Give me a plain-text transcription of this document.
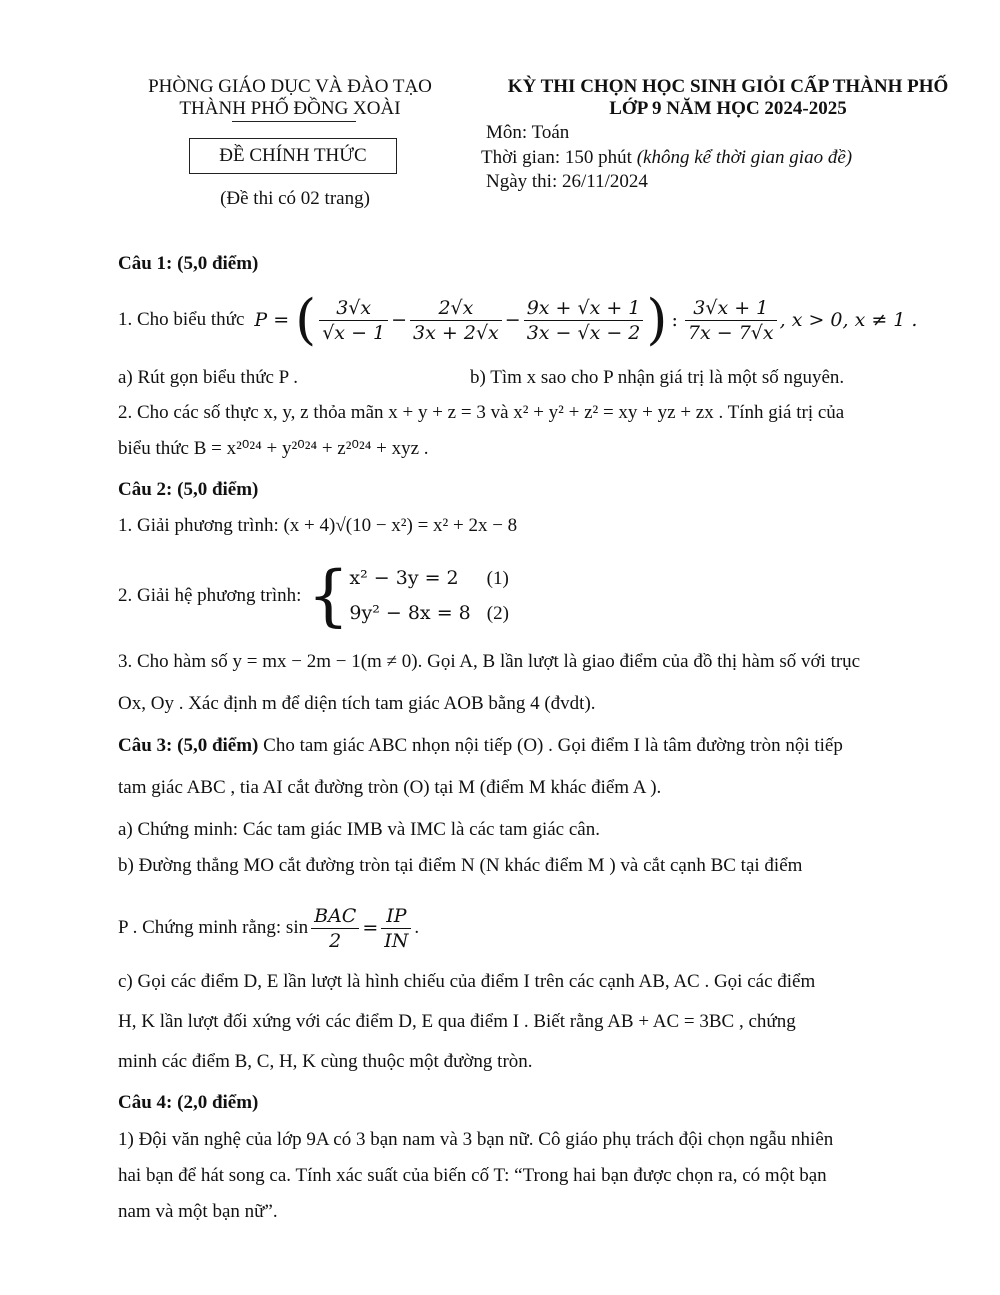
PHÒNG GIÁO DỤC VÀ ĐÀO TẠO
THÀNH PHỐ ĐỒNG XOÀI
ĐỀ CHÍNH THỨC
(Đề thi có 02 trang)
KỲ THI CHỌN HỌC SINH GIỎI CẤP THÀNH PHỐ
LỚP 9 NĂM HỌC 2024-2025
Môn: Toán
Thời gian: 150 phút (không kể thời gian giao đề)
Ngày thi: 26/11/2024
Câu 1: (5,0 điểm)
1. Cho biểu thức P = ( $\frac{3√x}{√x - 1} - \frac{2√x}{3x + 2√x} - \frac{9x + √x + 1}{3x - √x - 2}$ ) : $\frac{3√x + 1}{7x - 7√x}$ , x > 0, x ≠ 1 .
a) Rút gọn biểu thức P .	b) Tìm x sao cho P nhận giá trị là một số nguyên.
2. Cho các số thực x, y, z thỏa mãn x + y + z = 3 và x² + y² + z² = xy + yz + zx . Tính giá trị của
biểu thức B = x²⁰²⁴ + y²⁰²⁴ + z²⁰²⁴ + xyz .
Câu 2: (5,0 điểm)
1. Giải phương trình: (x + 4)√(10 − x²) = x² + 2x − 8
2. Giải hệ phương trình: { x² − 3y = 2 (1)
9y² − 8x = 8 (2)
3. Cho hàm số y = mx − 2m − 1(m ≠ 0). Gọi A, B lần lượt là giao điểm của đồ thị hàm số với trục
Ox, Oy . Xác định m để diện tích tam giác AOB bằng 4 (đvdt).
Câu 3: (5,0 điểm) Cho tam giác ABC nhọn nội tiếp (O) . Gọi điểm I là tâm đường tròn nội tiếp
tam giác ABC , tia AI cắt đường tròn (O) tại M (điểm M khác điểm A ).
a) Chứng minh: Các tam giác IMB và IMC là các tam giác cân.
b) Đường thẳng MO cắt đường tròn tại điểm N (N khác điểm M ) và cắt cạnh BC tại điểm
P . Chứng minh rằng: $\sin \frac{\text{BAC}}{2} = \frac{IP}{IN}$ .
c) Gọi các điểm D, E lần lượt là hình chiếu của điểm I trên các cạnh AB, AC . Gọi các điểm
H, K lần lượt đối xứng với các điểm D, E qua điểm I . Biết rằng AB + AC = 3BC , chứng
minh các điểm B, C, H, K cùng thuộc một đường tròn.
Câu 4: (2,0 điểm)
1) Đội văn nghệ của lớp 9A có 3 bạn nam và 3 bạn nữ. Cô giáo phụ trách đội chọn ngẫu nhiên
hai bạn để hát song ca. Tính xác suất của biến cố T: “Trong hai bạn được chọn ra, có một bạn
nam và một bạn nữ”.
